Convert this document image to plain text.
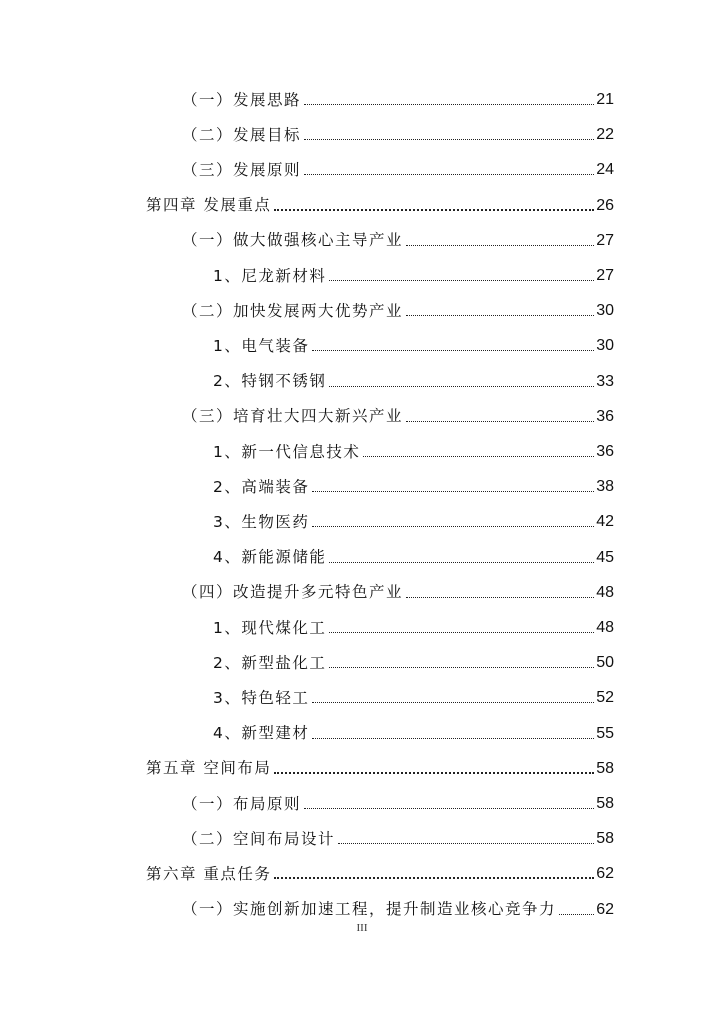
（一）发展思路	21
（二）发展目标	22
（三）发展原则	24
第四章 发展重点	26
（一）做大做强核心主导产业	27
1、尼龙新材料	27
（二）加快发展两大优势产业	30
1、电气装备	30
2、特钢不锈钢	33
（三）培育壮大四大新兴产业	36
1、新一代信息技术	36
2、高端装备	38
3、生物医药	42
4、新能源储能	45
（四）改造提升多元特色产业	48
1、现代煤化工	48
2、新型盐化工	50
3、特色轻工	52
4、新型建材	55
第五章 空间布局	58
（一）布局原则	58
（二）空间布局设计	58
第六章 重点任务	62
（一）实施创新加速工程，提升制造业核心竞争力	62
III
